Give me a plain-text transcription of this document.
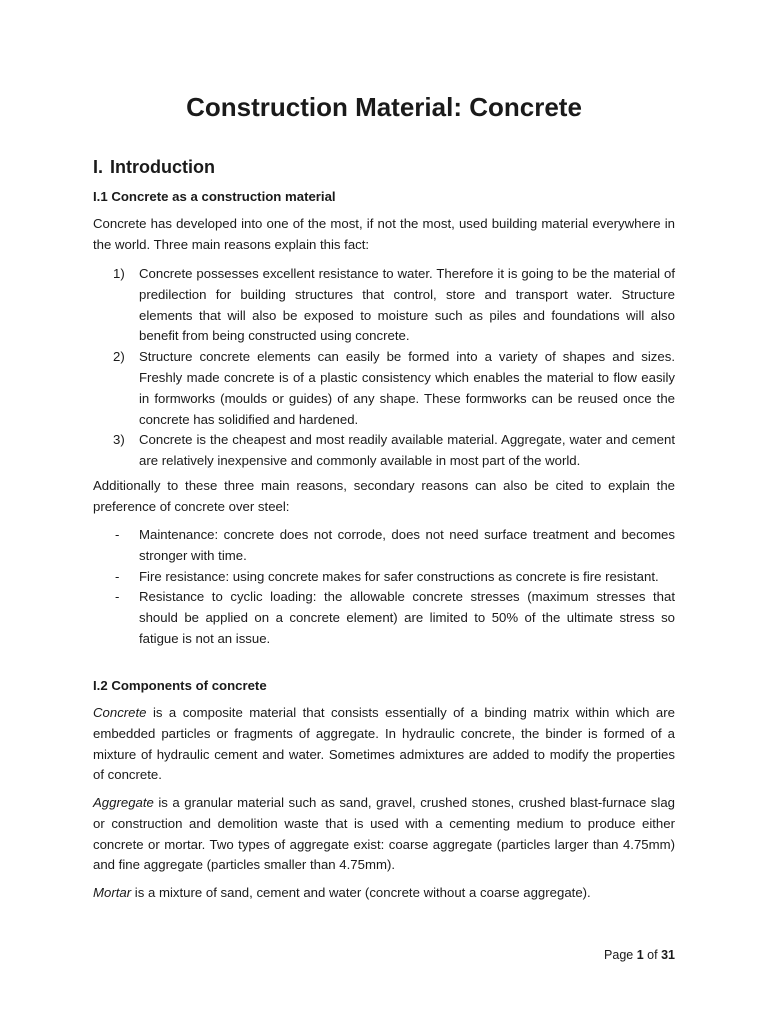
Construction Material: Concrete
I. Introduction
I.1 Concrete as a construction material

Concrete has developed into one of the most, if not the most, used building material everywhere in the world. Three main reasons explain this fact:

1) Concrete possesses excellent resistance to water. Therefore it is going to be the material of predilection for building structures that control, store and transport water. Structure elements that will also be exposed to moisture such as piles and foundations will also benefit from being constructed using concrete.
2) Structure concrete elements can easily be formed into a variety of shapes and sizes. Freshly made concrete is of a plastic consistency which enables the material to flow easily in formworks (moulds or guides) of any shape. These formworks can be reused once the concrete has solidified and hardened.
3) Concrete is the cheapest and most readily available material. Aggregate, water and cement are relatively inexpensive and commonly available in most part of the world.

Additionally to these three main reasons, secondary reasons can also be cited to explain the preference of concrete over steel:

- Maintenance: concrete does not corrode, does not need surface treatment and becomes stronger with time.
- Fire resistance: using concrete makes for safer constructions as concrete is fire resistant.
- Resistance to cyclic loading: the allowable concrete stresses (maximum stresses that should be applied on a concrete element) are limited to 50% of the ultimate stress so fatigue is not an issue.
I.2 Components of concrete

Concrete is a composite material that consists essentially of a binding matrix within which are embedded particles or fragments of aggregate. In hydraulic concrete, the binder is formed of a mixture of hydraulic cement and water. Sometimes admixtures are added to modify the properties of concrete.

Aggregate is a granular material such as sand, gravel, crushed stones, crushed blast-furnace slag or construction and demolition waste that is used with a cementing medium to produce either concrete or mortar. Two types of aggregate exist: coarse aggregate (particles larger than 4.75mm) and fine aggregate (particles smaller than 4.75mm).

Mortar is a mixture of sand, cement and water (concrete without a coarse aggregate).

Page 1 of 31
